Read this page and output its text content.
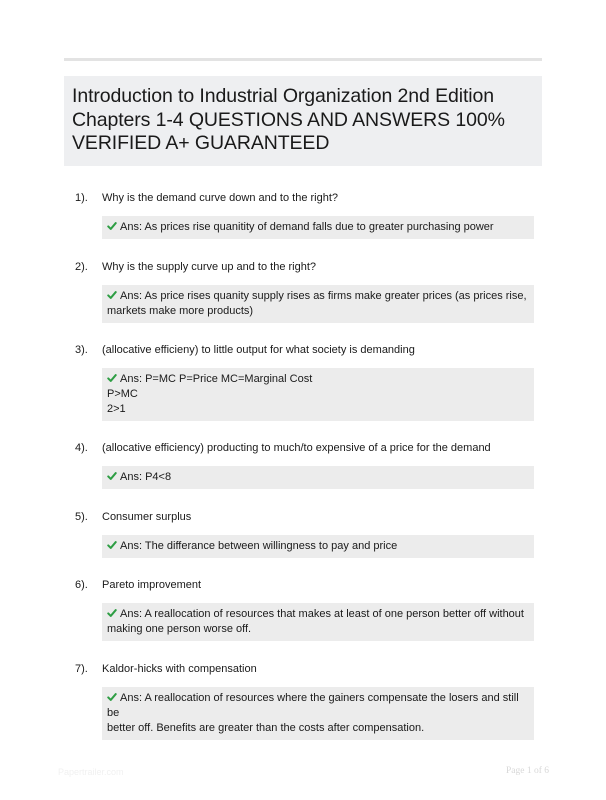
Introduction to Industrial Organization 2nd Edition Chapters 1-4 QUESTIONS AND ANSWERS 100% VERIFIED A+ GUARANTEED
1). Why is the demand curve down and to the right?
Ans: As prices rise quanitity of demand falls due to greater purchasing power
2). Why is the supply curve up and to the right?
Ans: As price rises quanity supply rises as firms make greater prices (as prices rise,
markets make more products)
3). (allocative efficieny) to little output for what society is demanding
Ans: P=MC P=Price MC=Marginal Cost
P>MC
2>1
4). (allocative efficiency) producting to much/to expensive of a price for the demand
Ans: P4<8
5). Consumer surplus
Ans: The differance between willingness to pay and price
6). Pareto improvement
Ans: A reallocation of resources that makes at least of one person better off without
making one person worse off.
7). Kaldor-hicks with compensation
Ans: A reallocation of resources where the gainers compensate the losers and still be
better off. Benefits are greater than the costs after compensation.
Papertrailer.com	Page 1 of 6
